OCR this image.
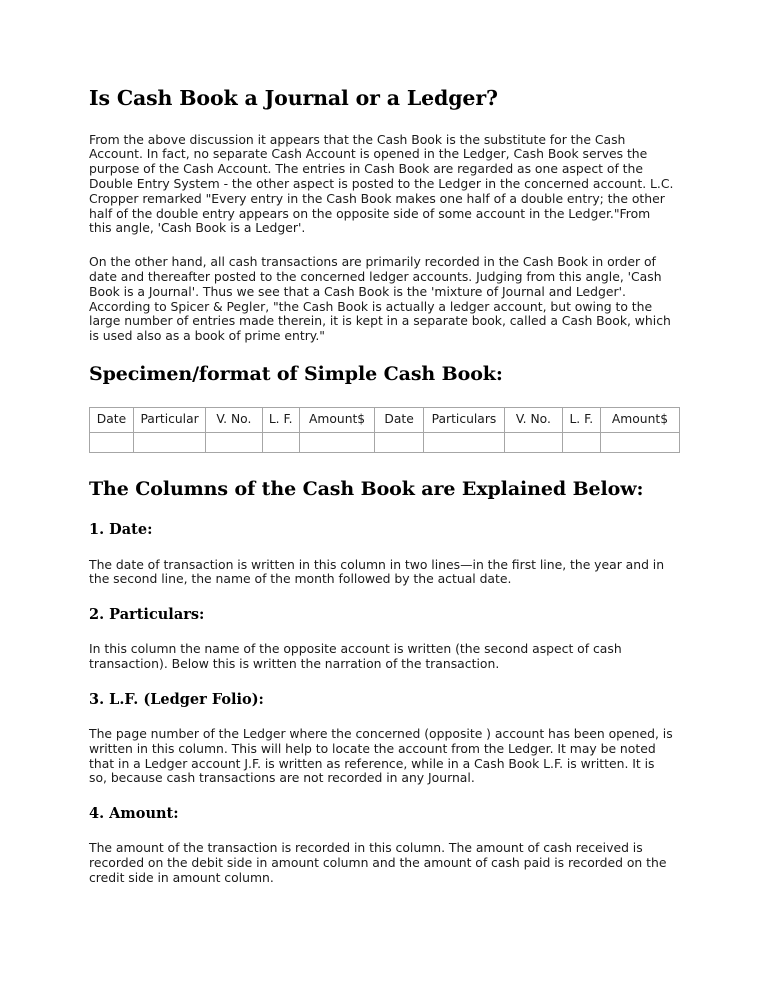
Is Cash Book a Journal or a Ledger?

From the above discussion it appears that the Cash Book is the substitute for the Cash Account. In fact, no separate Cash Account is opened in the Ledger, Cash Book serves the purpose of the Cash Account. The entries in Cash Book are regarded as one aspect of the Double Entry System - the other aspect is posted to the Ledger in the concerned account. L.C. Cropper remarked "Every entry in the Cash Book makes one half of a double entry; the other half of the double entry appears on the opposite side of some account in the Ledger."From this angle, 'Cash Book is a Ledger'.

On the other hand, all cash transactions are primarily recorded in the Cash Book in order of date and thereafter posted to the concerned ledger accounts. Judging from this angle, 'Cash Book is a Journal'. Thus we see that a Cash Book is the 'mixture of Journal and Ledger'. According to Spicer & Pegler, "the Cash Book is actually a ledger account, but owing to the large number of entries made therein, it is kept in a separate book, called a Cash Book, which is used also as a book of prime entry."

Specimen/format of Simple Cash Book:
Date	Particular	V. No.	L. F.	Amount$	Date	Particulars	V. No.	L. F.	Amount$

The Columns of the Cash Book are Explained Below:
1. Date:

The date of transaction is written in this column in two lines—in the first line, the year and in the second line, the name of the month followed by the actual date.

2. Particulars:

In this column the name of the opposite account is written (the second aspect of cash transaction). Below this is written the narration of the transaction.

3. L.F. (Ledger Folio):

The page number of the Ledger where the concerned (opposite ) account has been opened, is written in this column. This will help to locate the account from the Ledger. It may be noted that in a Ledger account J.F. is written as reference, while in a Cash Book L.F. is written. It is so, because cash transactions are not recorded in any Journal.

4. Amount:

The amount of the transaction is recorded in this column. The amount of cash received is recorded on the debit side in amount column and the amount of cash paid is recorded on the credit side in amount column.
